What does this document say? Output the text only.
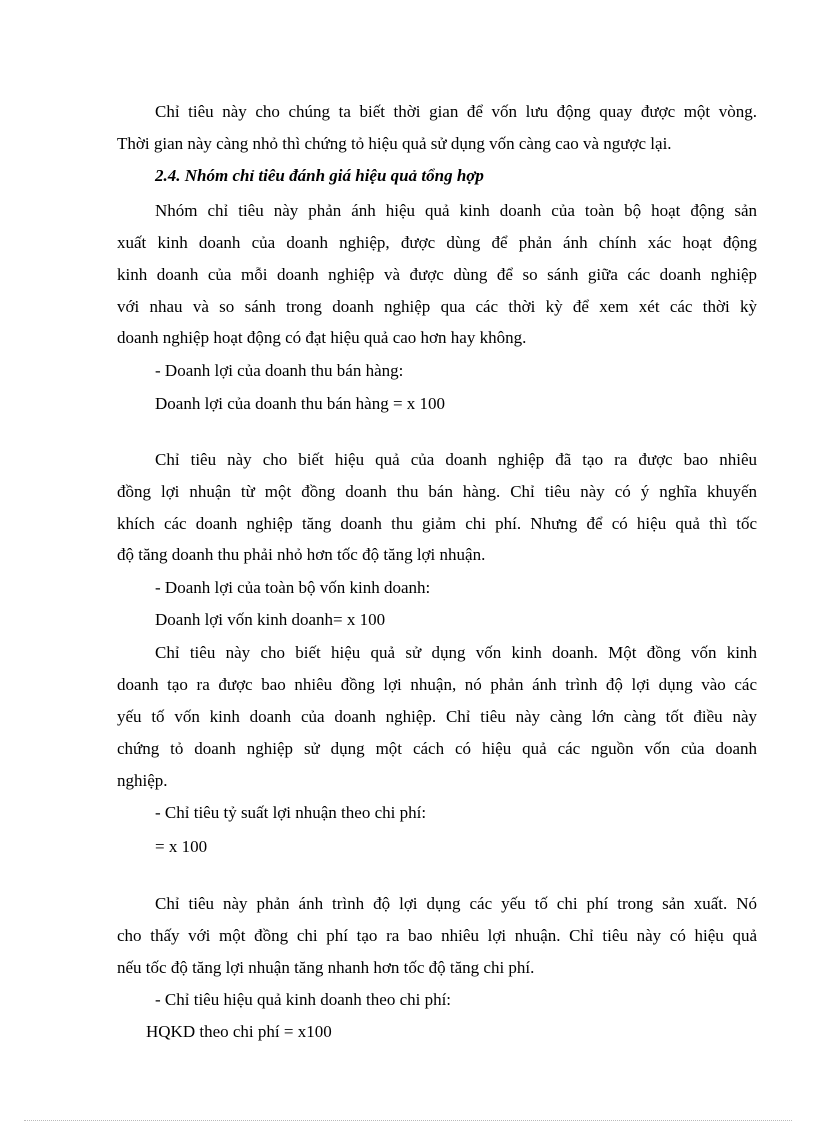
Chỉ tiêu này cho chúng ta biết thời gian để vốn lưu động quay được một vòng.
Thời gian này càng nhỏ thì chứng tỏ hiệu quả sử dụng vốn càng cao và ngược lại.
2.4. Nhóm chỉ tiêu đánh giá hiệu quả tổng hợp
Nhóm chỉ tiêu này phản ánh hiệu quả kinh doanh của toàn bộ hoạt động sản
xuất kinh doanh của doanh nghiệp, được dùng để phản ánh chính xác hoạt động
kinh doanh của mỗi doanh nghiệp và được dùng để so sánh giữa các doanh nghiệp
với nhau và so sánh trong doanh nghiệp qua các thời kỳ để xem xét các thời kỳ
doanh nghiệp hoạt động có đạt hiệu quả cao hơn hay không.
- Doanh lợi của doanh thu bán hàng:
Doanh lợi của doanh thu bán hàng = x 100
Chỉ tiêu này cho biết hiệu quả của doanh nghiệp đã tạo ra được bao nhiêu
đồng lợi nhuận từ một đồng doanh thu bán hàng. Chỉ tiêu này có ý nghĩa khuyến
khích các doanh nghiệp tăng doanh thu giảm chi phí. Nhưng để có hiệu quả thì tốc
độ tăng doanh thu phải nhỏ hơn tốc độ tăng lợi nhuận.
- Doanh lợi của toàn bộ vốn kinh doanh:
Doanh lợi vốn kinh doanh= x 100
Chỉ tiêu này cho biết hiệu quả sử dụng vốn kinh doanh. Một đồng vốn kinh
doanh tạo ra được bao nhiêu đồng lợi nhuận, nó phản ánh trình độ lợi dụng vào các
yếu tố vốn kinh doanh của doanh nghiệp. Chỉ tiêu này càng lớn càng tốt điều này
chứng tỏ doanh nghiệp sử dụng một cách có hiệu quả các nguồn vốn của doanh
nghiệp.
- Chỉ tiêu tỷ suất lợi nhuận theo chi phí:
= x 100
Chỉ tiêu này phản ánh trình độ lợi dụng các yếu tố chi phí trong sản xuất. Nó
cho thấy với một đồng chi phí tạo ra bao nhiêu lợi nhuận. Chỉ tiêu này có hiệu quả
nếu tốc độ tăng lợi nhuận tăng nhanh hơn tốc độ tăng chi phí.
- Chỉ tiêu hiệu quả kinh doanh theo chi phí:
HQKD theo chi phí = x100
